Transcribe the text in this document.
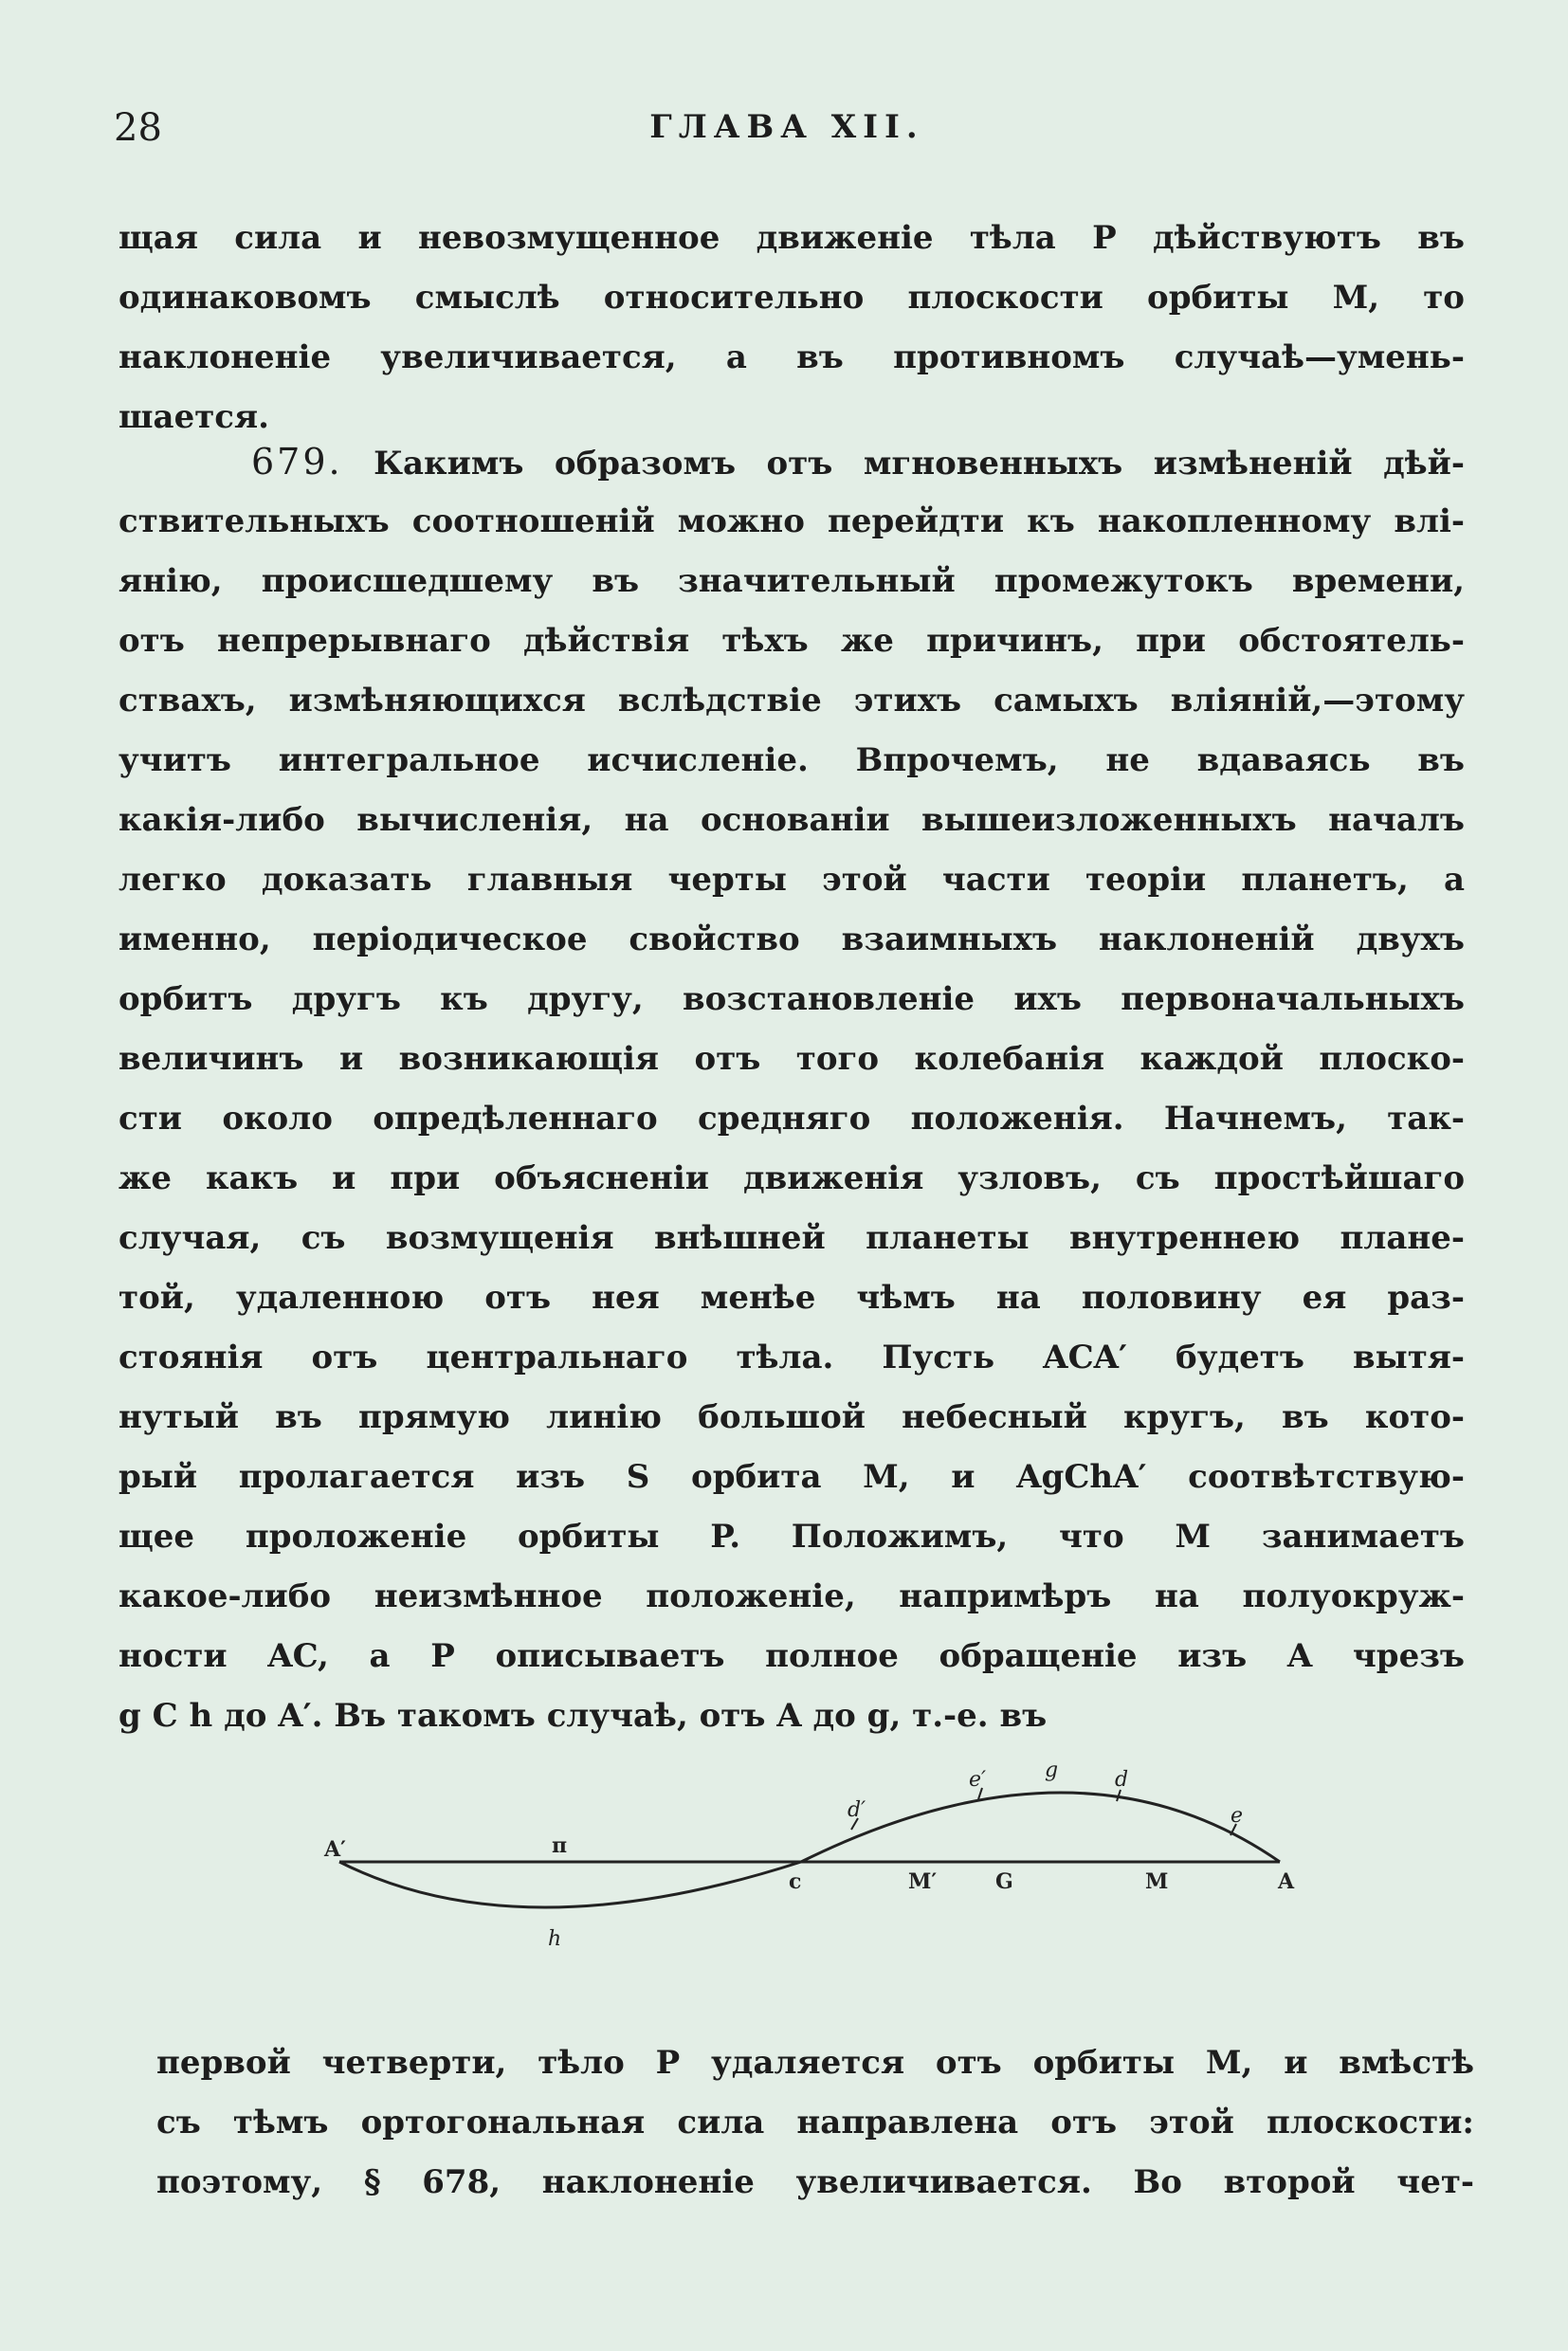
28	ГЛАВА XII.
щая сила и невозмущенное движеніе тѣла P дѣйствуютъ въ
одинаковомъ смыслѣ относительно плоскости орбиты M, то
наклоненіе увеличивается, а въ противномъ случаѣ—умень-
шается.
679. Какимъ образомъ отъ мгновенныхъ измѣненій дѣй-
ствительныхъ соотношеній можно перейдти къ накопленному влі-
янію, происшедшему въ значительный промежутокъ времени,
отъ непрерывнаго дѣйствія тѣхъ же причинъ, при обстоятель-
ствахъ, измѣняющихся вслѣдствіе этихъ самыхъ вліяній,—этому
учитъ интегральное исчисленіе. Впрочемъ, не вдаваясь въ
какія-либо вычисленія, на основаніи вышеизложенныхъ началъ
легко доказать главныя черты этой части теоріи планетъ, а
именно, періодическое свойство взаимныхъ наклоненій двухъ
орбитъ другъ къ другу, возстановленіе ихъ первоначальныхъ
величинъ и возникающія отъ того колебанія каждой плоско-
сти около опредѣленнаго средняго положенія. Начнемъ, так-
же какъ и при объясненіи движенія узловъ, съ простѣйшаго
случая, съ возмущенія внѣшней планеты внутреннею плане-
той, удаленною отъ нея менѣе чѣмъ на половину ея раз-
стоянія отъ центральнаго тѣла. Пусть ACA′ будетъ вытя-
нутый въ прямую линію большой небесный кругъ, въ кото-
рый пролагается изъ S орбита M, и AgChA′ соотвѣтствую-
щее проложеніе орбиты P. Положимъ, что M занимаетъ
какое-либо неизмѣнное положеніе, напримѣръ на полуокруж-
ности AC, а P описываетъ полное обращеніе изъ A чрезъ
g C h до A′. Въ такомъ случаѣ, отъ A до g, т.-е. въ
A′	п
c	M′	G	M	A
h
d′
e′	g	d
e
первой четверти, тѣло P удаляется отъ орбиты M, и вмѣстѣ
съ тѣмъ ортогональная сила направлена отъ этой плоскости:
поэтому, § 678, наклоненіе увеличивается. Во второй чет-
